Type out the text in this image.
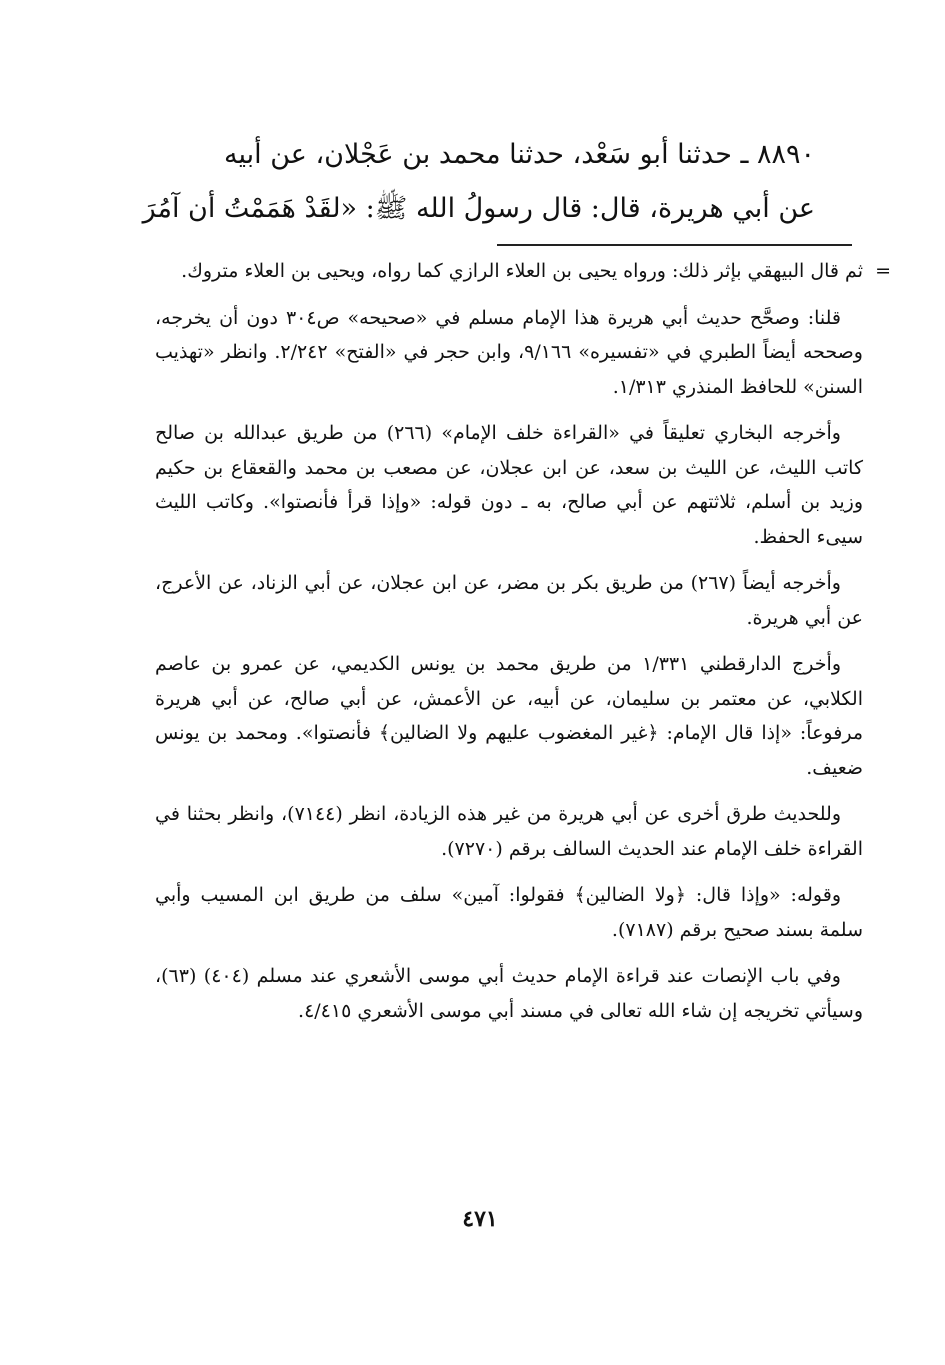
٨٨٩٠ ـ حدثنا أبو سَعْد، حدثنا محمد بن عَجْلان، عن أبيه
عن أبي هريرة، قال: قال رسولُ الله ﷺ: «لقَدْ هَمَمْتُ أن آمُرَ

=
ثم قال البيهقي بإثر ذلك: ورواه يحيى بن العلاء الرازي كما رواه، ويحيى بن العلاء متروك.

قلنا: وصحَّح حديث أبي هريرة هذا الإمام مسلم في «صحيحه» ص٣٠٤ دون أن يخرجه، وصححه أيضاً الطبري في «تفسيره» ٩/١٦٦، وابن حجر في «الفتح» ٢/٢٤٢. وانظر «تهذيب السنن» للحافظ المنذري ١/٣١٣.

وأخرجه البخاري تعليقاً في «القراءة خلف الإمام» (٢٦٦) من طريق عبدالله بن صالح كاتب الليث، عن الليث بن سعد، عن ابن عجلان، عن مصعب بن محمد والقعقاع بن حكيم وزيد بن أسلم، ثلاثتهم عن أبي صالح، به ـ دون قوله: «وإذا قرأ فأنصتوا». وكاتب الليث سيىء الحفظ.

وأخرجه أيضاً (٢٦٧) من طريق بكر بن مضر، عن ابن عجلان، عن أبي الزناد، عن الأعرج، عن أبي هريرة.

وأخرج الدارقطني ١/٣٣١ من طريق محمد بن يونس الكديمي، عن عمرو بن عاصم الكلابي، عن معتمر بن سليمان، عن أبيه، عن الأعمش، عن أبي صالح، عن أبي هريرة مرفوعاً: «إذا قال الإمام: ﴿غير المغضوب عليهم ولا الضالين﴾ فأنصتوا». ومحمد بن يونس ضعيف.

وللحديث طرق أخرى عن أبي هريرة من غير هذه الزيادة، انظر (٧١٤٤)، وانظر بحثنا في القراءة خلف الإمام عند الحديث السالف برقم (٧٢٧٠).

وقوله: «وإذا قال: ﴿ولا الضالين﴾ فقولوا: آمين» سلف من طريق ابن المسيب وأبي سلمة بسند صحيح برقم (٧١٨٧).

وفي باب الإنصات عند قراءة الإمام حديث أبي موسى الأشعري عند مسلم (٤٠٤) (٦٣)، وسيأتي تخريجه إن شاء الله تعالى في مسند أبي موسى الأشعري ٤/٤١٥.

٤٧١
